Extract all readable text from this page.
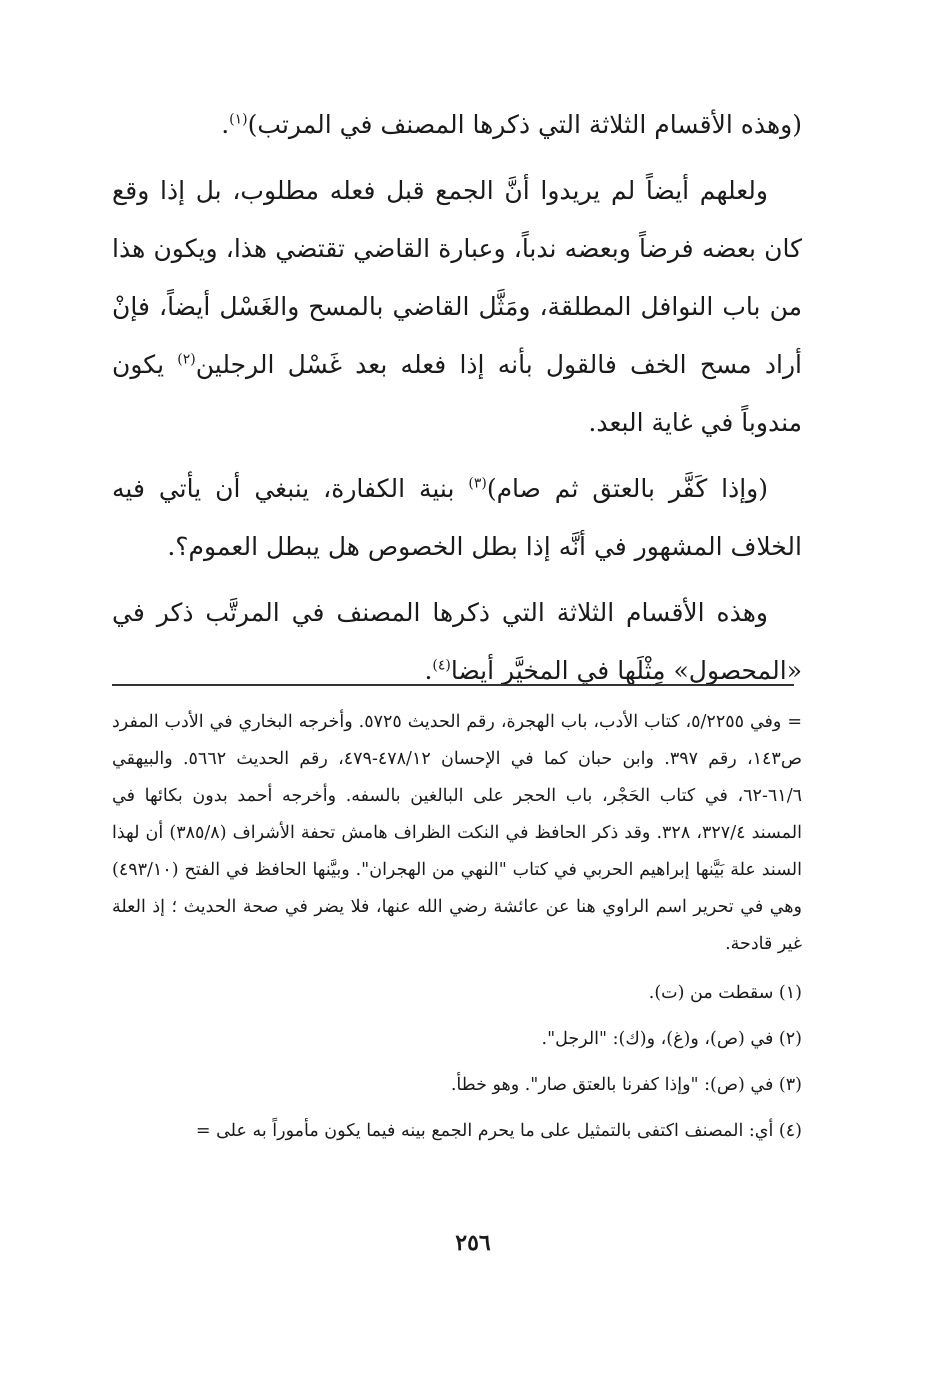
(وهذه الأقسام الثلاثة التي ذكرها المصنف في المرتب)$^{(١)}$.

ولعلهم أيضاً لم يريدوا أنَّ الجمع قبل فعله مطلوب، بل إذا وقع كان بعضه فرضاً وبعضه ندباً، وعبارة القاضي تقتضي هذا، ويكون هذا من باب النوافل المطلقة، ومَثَّل القاضي بالمسح والغَسْل أيضاً، فإنْ أراد مسح الخف فالقول بأنه إذا فعله بعد غَسْل الرجلين$^{(٢)}$ يكون مندوباً في غاية البعد.

(وإذا كَفَّر بالعتق ثم صام)$^{(٣)}$ بنية الكفارة، ينبغي أن يأتي فيه الخلاف المشهور في أنَّه إذا بطل الخصوص هل يبطل العموم؟.

وهذه الأقسام الثلاثة التي ذكرها المصنف في المرتَّب ذكر في «المحصول» مِثْلَها في المخيَّر أيضا$^{(٤)}$.

= وفي ٥/٢٢٥٥، كتاب الأدب، باب الهجرة، رقم الحديث ٥٧٢٥. وأخرجه البخاري في الأدب المفرد ص١٤٣، رقم ٣٩٧. وابن حبان كما في الإحسان ٤٧٨/١٢-٤٧٩، رقم الحديث ٥٦٦٢. والبيهقي ٦١/٦-٦٢، في كتاب الحَجْر، باب الحجر على البالغين بالسفه. وأخرجه أحمد بدون بكائها في المسند ٣٢٧/٤، ٣٢٨. وقد ذكر الحافظ في النكت الظراف هامش تحفة الأشراف (٣٨٥/٨) أن لهذا السند علة بَيَّنها إبراهيم الحربي في كتاب "النهي من الهجران". وبيَّنها الحافظ في الفتح (٤٩٣/١٠) وهي في تحرير اسم الراوي هنا عن عائشة رضي الله عنها، فلا يضر في صحة الحديث ؛ إذ العلة غير قادحة.

(١) سقطت من (ت).

(٢) في (ص)، و(غ)، و(ك): "الرجل".

(٣) في (ص): "وإذا كفرنا بالعتق صار". وهو خطأ.

(٤) أي: المصنف اكتفى بالتمثيل على ما يحرم الجمع بينه فيما يكون مأموراً به على =

٢٥٦
